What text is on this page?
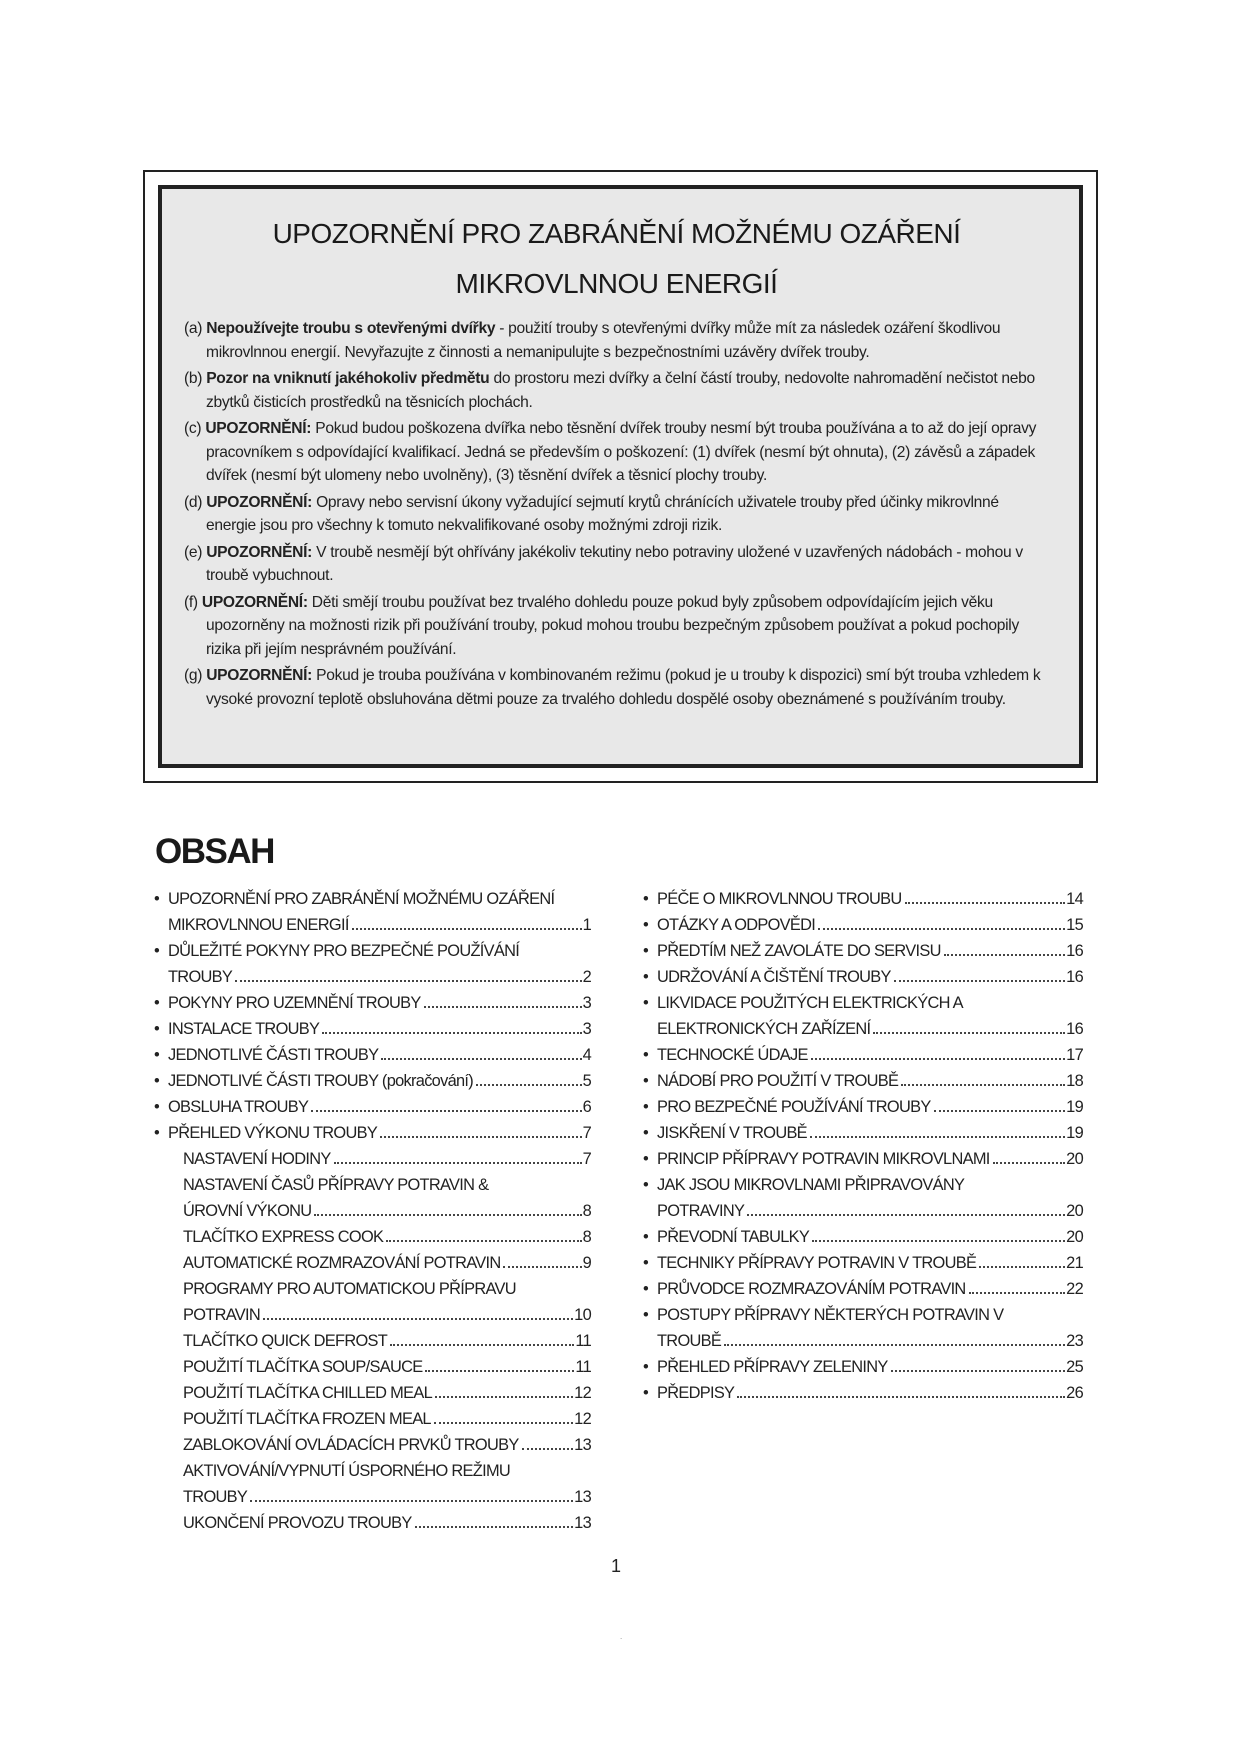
UPOZORNĚNÍ PRO ZABRÁNĚNÍ MOŽNÉMU OZÁŘENÍ
MIKROVLNNOU ENERGIÍ
(a) Nepoužívejte troubu s otevřenými dvířky - použití trouby s otevřenými dvířky může mít za následek ozáření škodlivou mikrovlnnou energií. Nevyřazujte z činnosti a nemanipulujte s bezpečnostními uzávěry dvířek trouby.
(b) Pozor na vniknutí jakéhokoliv předmětu do prostoru mezi dvířky a čelní částí trouby, nedovolte nahromadění nečistot nebo zbytků čisticích prostředků na těsnicích plochách.
(c) UPOZORNĚNÍ: Pokud budou poškozena dvířka nebo těsnění dvířek trouby nesmí být trouba používána a to až do její opravy pracovníkem s odpovídající kvalifikací. Jedná se především o poškození: (1) dvířek (nesmí být ohnuta), (2) závěsů a západek dvířek (nesmí být ulomeny nebo uvolněny), (3) těsnění dvířek a těsnicí plochy trouby.
(d) UPOZORNĚNÍ: Opravy nebo servisní úkony vyžadující sejmutí krytů chránících uživatele trouby před účinky mikrovlnné energie jsou pro všechny k tomuto nekvalifikované osoby možnými zdroji rizik.
(e) UPOZORNĚNÍ: V troubě nesmějí být ohřívány jakékoliv tekutiny nebo potraviny uložené v uzavřených nádobách - mohou v troubě vybuchnout.
(f) UPOZORNĚNÍ: Děti smějí troubu používat bez trvalého dohledu pouze pokud byly způsobem odpovídajícím jejich věku upozorněny na možnosti rizik při používání trouby, pokud mohou troubu bezpečným způsobem používat a pokud pochopily rizika při jejím nesprávném používání.
(g) UPOZORNĚNÍ: Pokud je trouba používána v kombinovaném režimu (pokud je u trouby k dispozici) smí být trouba vzhledem k vysoké provozní teplotě obsluhována dětmi pouze za trvalého dohledu dospělé osoby obeznámené s používáním trouby.
OBSAH
• UPOZORNĚNÍ PRO ZABRÁNĚNÍ MOŽNÉMU OZÁŘENÍ
MIKROVLNNOU ENERGIÍ	1
• DŮLEŽITÉ POKYNY PRO BEZPEČNÉ POUŽÍVÁNÍ
TROUBY	2
• POKYNY PRO UZEMNĚNÍ TROUBY	3
• INSTALACE TROUBY	3
• JEDNOTLIVÉ ČÁSTI TROUBY	4
• JEDNOTLIVÉ ČÁSTI TROUBY (pokračování)	5
• OBSLUHA TROUBY	6
• PŘEHLED VÝKONU TROUBY	7
NASTAVENÍ HODINY	7
NASTAVENÍ ČASŮ PŘÍPRAVY POTRAVIN &
ÚROVNÍ VÝKONU	8
TLAČÍTKO EXPRESS COOK	8
AUTOMATICKÉ ROZMRAZOVÁNÍ POTRAVIN	9
PROGRAMY PRO AUTOMATICKOU PŘÍPRAVU
POTRAVIN	10
TLAČÍTKO QUICK DEFROST	11
POUŽITÍ TLAČÍTKA SOUP/SAUCE	11
POUŽITÍ TLAČÍTKA CHILLED MEAL	12
POUŽITÍ TLAČÍTKA FROZEN MEAL	12
ZABLOKOVÁNÍ OVLÁDACÍCH PRVKŮ TROUBY	13
AKTIVOVÁNÍ/VYPNUTÍ ÚSPORNÉHO REŽIMU
TROUBY	13
UKONČENÍ PROVOZU TROUBY	13
• PÉČE O MIKROVLNNOU TROUBU	14
• OTÁZKY A ODPOVĚDI	15
• PŘEDTÍM NEŽ ZAVOLÁTE DO SERVISU	16
• UDRŽOVÁNÍ A ČIŠTĚNÍ TROUBY	16
• LIKVIDACE POUŽITÝCH ELEKTRICKÝCH A
ELEKTRONICKÝCH ZAŘÍZENÍ	16
• TECHNOCKÉ ÚDAJE	17
• NÁDOBÍ PRO POUŽITÍ V TROUBĚ	18
• PRO BEZPEČNÉ POUŽÍVÁNÍ TROUBY	19
• JISKŘENÍ V TROUBĚ	19
• PRINCIP PŘÍPRAVY POTRAVIN MIKROVLNAMI	20
• JAK JSOU MIKROVLNAMI PŘIPRAVOVÁNY
POTRAVINY	20
• PŘEVODNÍ TABULKY	20
• TECHNIKY PŘÍPRAVY POTRAVIN V TROUBĚ	21
• PRŮVODCE ROZMRAZOVÁNÍM POTRAVIN	22
• POSTUPY PŘÍPRAVY NĚKTERÝCH POTRAVIN V
TROUBĚ	23
• PŘEHLED PŘÍPRAVY ZELENINY	25
• PŘEDPISY	26
1
.
